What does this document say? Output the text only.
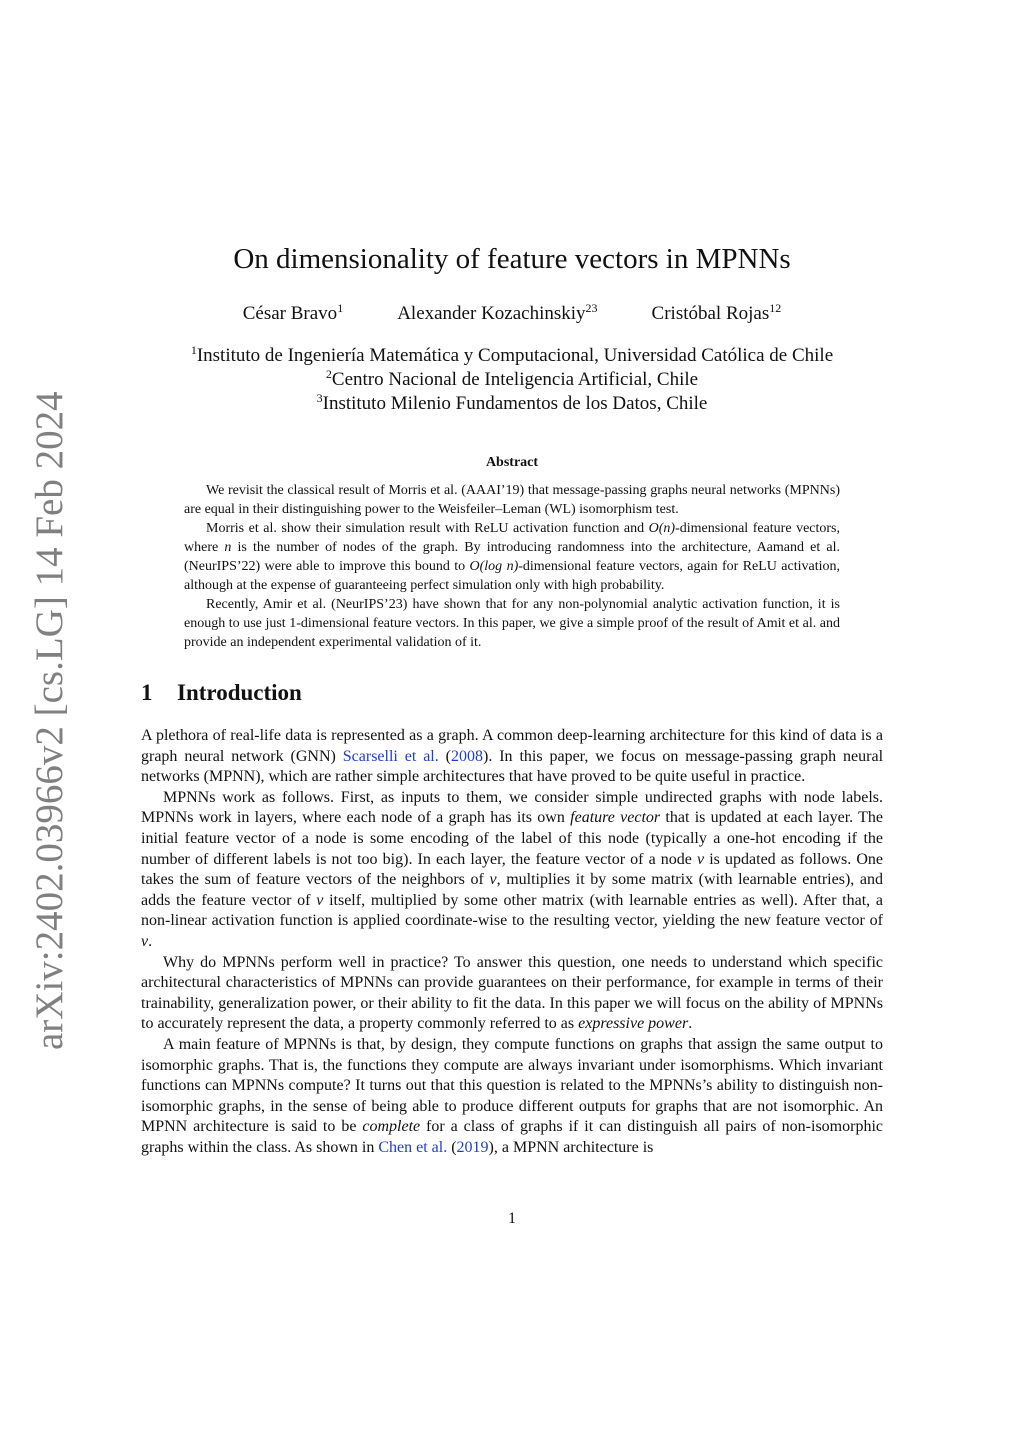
arXiv:2402.03966v2 [cs.LG] 14 Feb 2024
On dimensionality of feature vectors in MPNNs
César Bravo$^1$	Alexander Kozachinskiy$^{23}$	Cristóbal Rojas$^{12}$
$^1$Instituto de Ingeniería Matemática y Computacional, Universidad Católica de Chile
$^2$Centro Nacional de Inteligencia Artificial, Chile
$^3$Instituto Milenio Fundamentos de los Datos, Chile
Abstract

We revisit the classical result of Morris et al. (AAAI’19) that message-passing graphs neural networks (MPNNs) are equal in their distinguishing power to the Weisfeiler–Leman (WL) isomorphism test.

Morris et al. show their simulation result with ReLU activation function and O(n)-dimensional feature vectors, where n is the number of nodes of the graph. By introducing randomness into the architecture, Aamand et al. (NeurIPS’22) were able to improve this bound to O(log n)-dimensional feature vectors, again for ReLU activation, although at the expense of guaranteeing perfect simulation only with high probability.

Recently, Amir et al. (NeurIPS’23) have shown that for any non-polynomial analytic activation function, it is enough to use just 1-dimensional feature vectors. In this paper, we give a simple proof of the result of Amit et al. and provide an independent experimental validation of it.

1 Introduction

A plethora of real-life data is represented as a graph. A common deep-learning architecture for this kind of data is a graph neural network (GNN) Scarselli et al. (2008). In this paper, we focus on message-passing graph neural networks (MPNN), which are rather simple architectures that have proved to be quite useful in practice.

MPNNs work as follows. First, as inputs to them, we consider simple undirected graphs with node labels. MPNNs work in layers, where each node of a graph has its own feature vector that is updated at each layer. The initial feature vector of a node is some encoding of the label of this node (typically a one-hot encoding if the number of different labels is not too big). In each layer, the feature vector of a node v is updated as follows. One takes the sum of feature vectors of the neighbors of v, multiplies it by some matrix (with learnable entries), and adds the feature vector of v itself, multiplied by some other matrix (with learnable entries as well). After that, a non-linear activation function is applied coordinate-wise to the resulting vector, yielding the new feature vector of v.

Why do MPNNs perform well in practice? To answer this question, one needs to understand which specific architectural characteristics of MPNNs can provide guarantees on their performance, for example in terms of their trainability, generalization power, or their ability to fit the data. In this paper we will focus on the ability of MPNNs to accurately represent the data, a property commonly referred to as expressive power.

A main feature of MPNNs is that, by design, they compute functions on graphs that assign the same output to isomorphic graphs. That is, the functions they compute are always invariant under isomorphisms. Which invariant functions can MPNNs compute? It turns out that this question is related to the MPNNs’s ability to distinguish non-isomorphic graphs, in the sense of being able to produce different outputs for graphs that are not isomorphic. An MPNN architecture is said to be complete for a class of graphs if it can distinguish all pairs of non-isomorphic graphs within the class. As shown in Chen et al. (2019), a MPNN architecture is

1
